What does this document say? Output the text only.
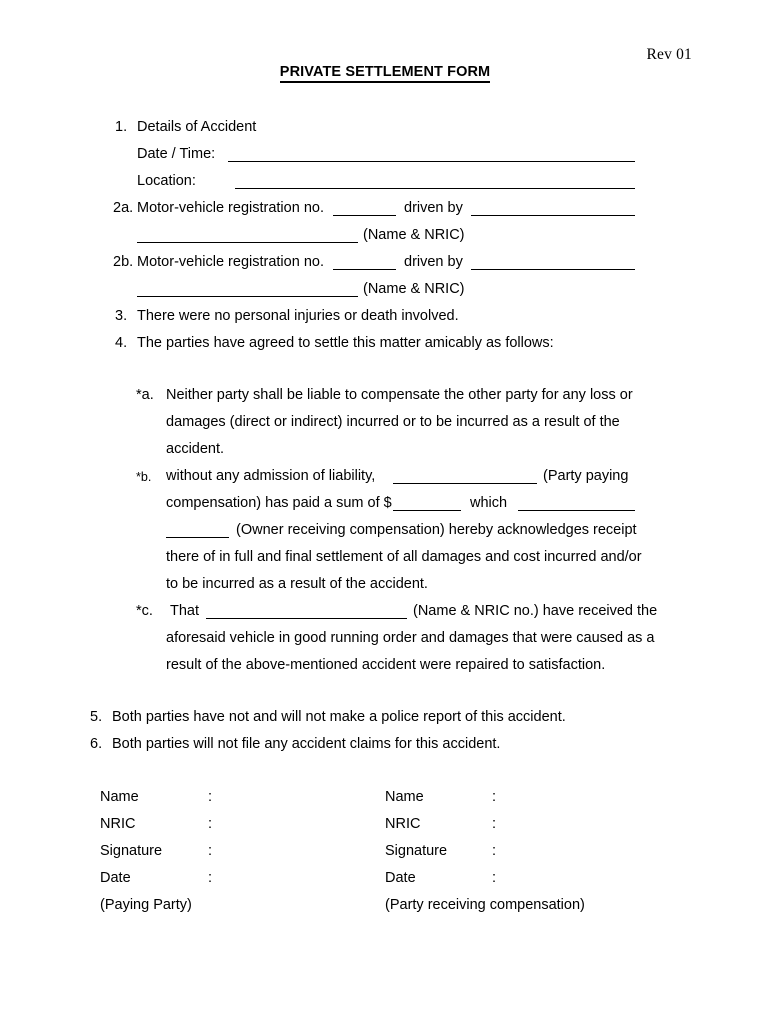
Rev 01
PRIVATE SETTLEMENT FORM
1. Details of Accident
Date / Time:
Location:
2a. Motor-vehicle registration no.	driven by
(Name & NRIC)
2b. Motor-vehicle registration no.	driven by
(Name & NRIC)
3. There were no personal injuries or death involved.
4. The parties have agreed to settle this matter amicably as follows:
*a. Neither party shall be liable to compensate the other party for any loss or
damages (direct or indirect) incurred or to be incurred as a result of the
accident.
*b. without any admission of liability,	(Party paying
compensation) has paid a sum of $	which
(Owner receiving compensation) hereby acknowledges receipt
there of in full and final settlement of all damages and cost incurred and/or
to be incurred as a result of the accident.
*c. That	(Name & NRIC no.) have received the
aforesaid vehicle in good running order and damages that were caused as a
result of the above-mentioned accident were repaired to satisfaction.
5. Both parties have not and will not make a police report of this accident.
6. Both parties will not file any accident claims for this accident.
Name	:
NRIC	:
Signature	:
Date	:
(Paying Party)
Name	:
NRIC	:
Signature	:
Date	:
(Party receiving compensation)
